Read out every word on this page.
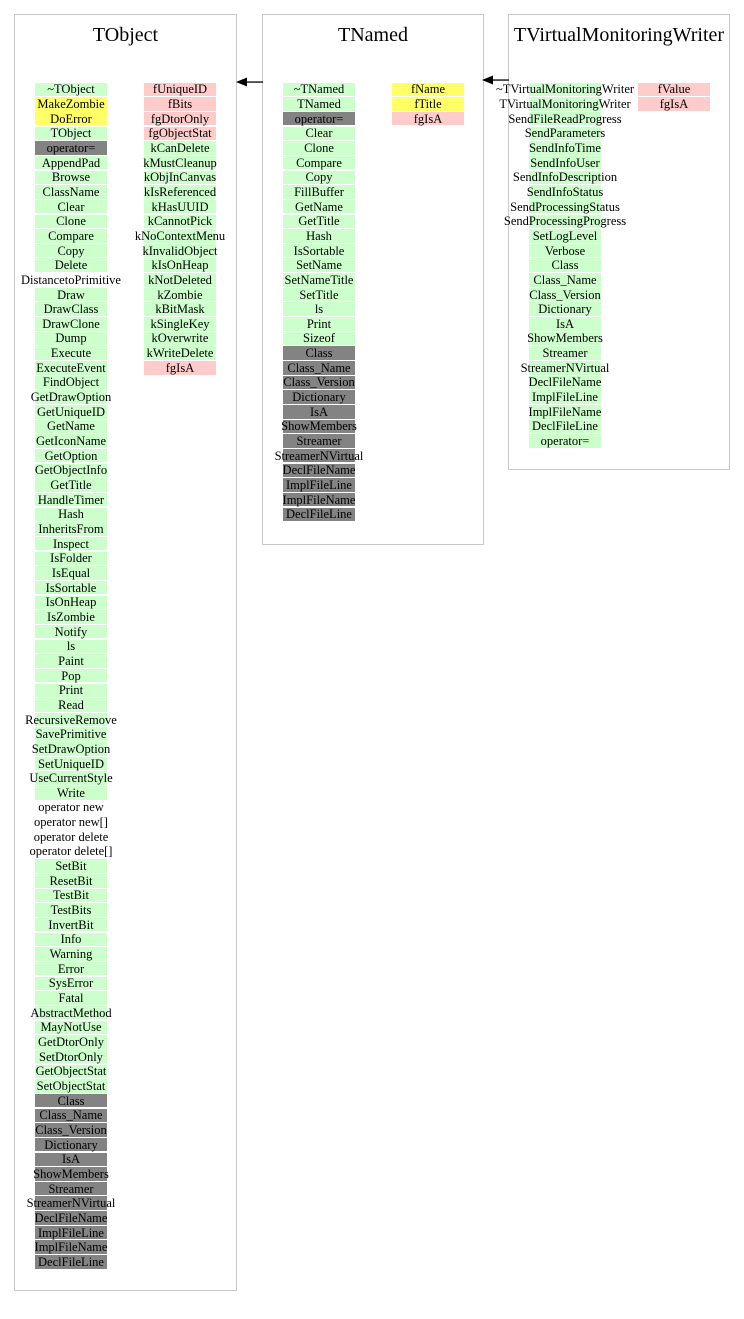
TObject
~TObject
MakeZombie
DoError
TObject
operator=
AppendPad
Browse
ClassName
Clear
Clone
Compare
Copy
Delete
DistancetoPrimitive
Draw
DrawClass
DrawClone
Dump
Execute
ExecuteEvent
FindObject
GetDrawOption
GetUniqueID
GetName
GetIconName
GetOption
GetObjectInfo
GetTitle
HandleTimer
Hash
InheritsFrom
Inspect
IsFolder
IsEqual
IsSortable
IsOnHeap
IsZombie
Notify
ls
Paint
Pop
Print
Read
RecursiveRemove
SavePrimitive
SetDrawOption
SetUniqueID
UseCurrentStyle
Write
operator new
operator new[]
operator delete
operator delete[]
SetBit
ResetBit
TestBit
TestBits
InvertBit
Info
Warning
Error
SysError
Fatal
AbstractMethod
MayNotUse
GetDtorOnly
SetDtorOnly
GetObjectStat
SetObjectStat
Class
Class_Name
Class_Version
Dictionary
IsA
ShowMembers
Streamer
StreamerNVirtual
DeclFileName
ImplFileLine
ImplFileName
DeclFileLine
fUniqueID
fBits
fgDtorOnly
fgObjectStat
kCanDelete
kMustCleanup
kObjInCanvas
kIsReferenced
kHasUUID
kCannotPick
kNoContextMenu
kInvalidObject
kIsOnHeap
kNotDeleted
kZombie
kBitMask
kSingleKey
kOverwrite
kWriteDelete
fgIsA
TNamed
~TNamed
TNamed
operator=
Clear
Clone
Compare
Copy
FillBuffer
GetName
GetTitle
Hash
IsSortable
SetName
SetNameTitle
SetTitle
ls
Print
Sizeof
Class
Class_Name
Class_Version
Dictionary
IsA
ShowMembers
Streamer
StreamerNVirtual
DeclFileName
ImplFileLine
ImplFileName
DeclFileLine
fName
fTitle
fgIsA
TVirtualMonitoringWriter
~TVirtualMonitoringWriter
TVirtualMonitoringWriter
SendFileReadProgress
SendParameters
SendInfoTime
SendInfoUser
SendInfoDescription
SendInfoStatus
SendProcessingStatus
SendProcessingProgress
SetLogLevel
Verbose
Class
Class_Name
Class_Version
Dictionary
IsA
ShowMembers
Streamer
StreamerNVirtual
DeclFileName
ImplFileLine
ImplFileName
DeclFileLine
operator=
fValue
fgIsA
